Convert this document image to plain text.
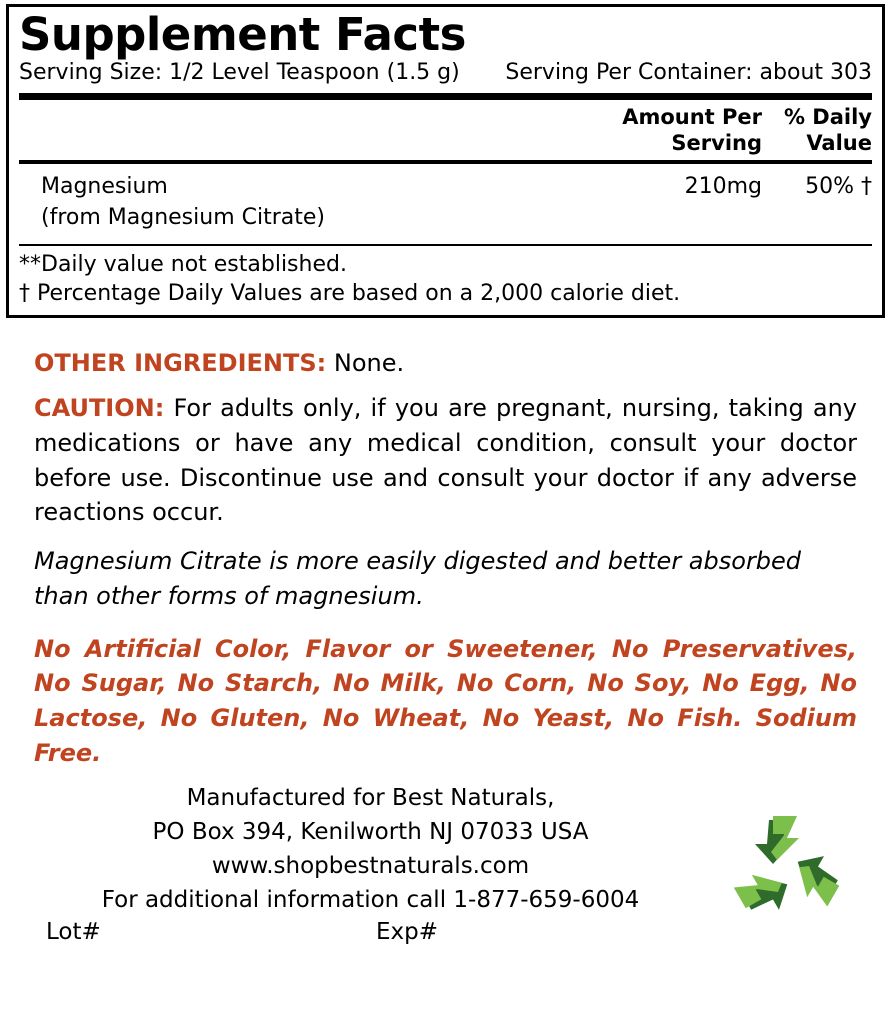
Supplement Facts
Serving Size: 1/2 Level Teaspoon (1.5 g) Serving Per Container: about 303
Amount Per
Serving
% Daily
Value
Magnesium
(from Magnesium Citrate)
210mg	50% †
**Daily value not established.
† Percentage Daily Values are based on a 2,000 calorie diet.
OTHER INGREDIENTS: None.
CAUTION: For adults only, if you are pregnant, nursing, taking any medications or have any medical condition, consult your doctor before use. Discontinue use and consult your doctor if any adverse reactions occur.
Magnesium Citrate is more easily digested and better absorbed than other forms of magnesium.
No Artificial Color, Flavor or Sweetener, No Preservatives, No Sugar, No Starch, No Milk, No Corn, No Soy, No Egg, No Lactose, No Gluten, No Wheat, No Yeast, No Fish. Sodium Free.
Manufactured for Best Naturals,
PO Box 394, Kenilworth NJ 07033 USA
www.shopbestnaturals.com
For additional information call 1-877-659-6004
Lot#	Exp#
